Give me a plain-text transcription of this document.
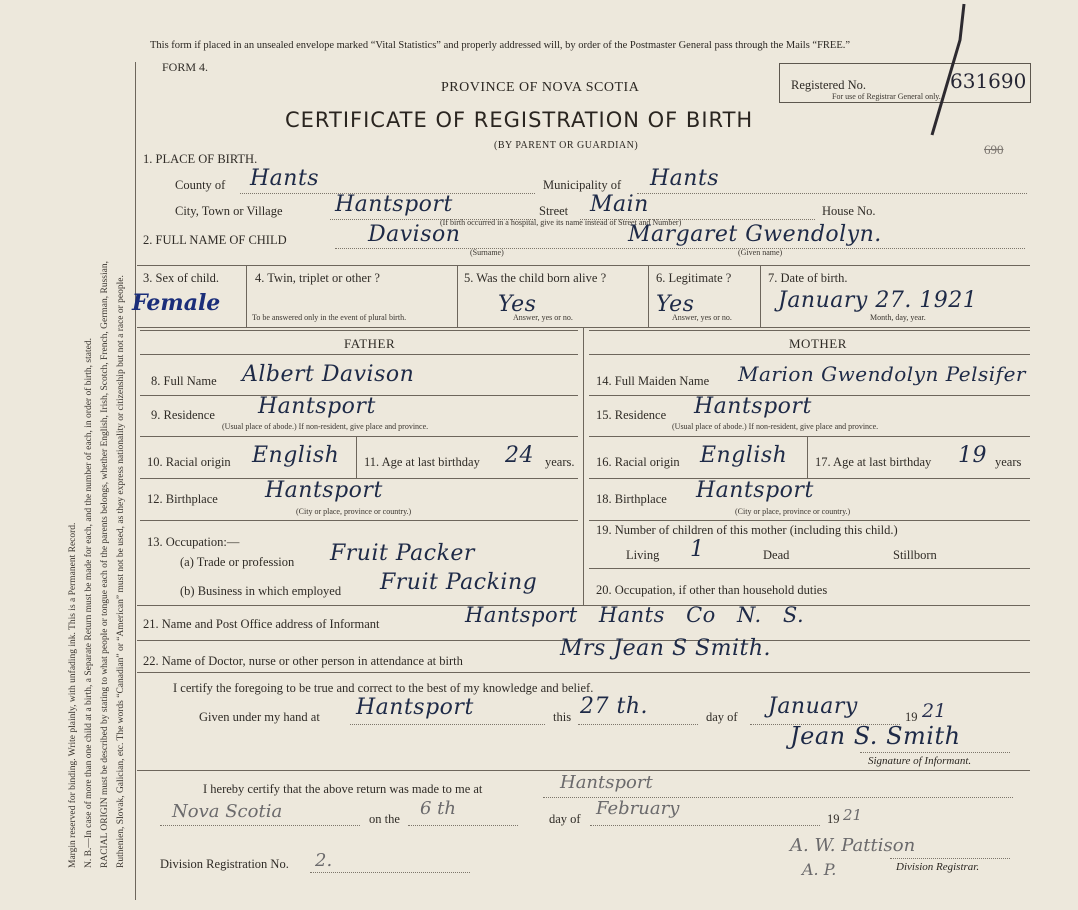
Margin reserved for binding. Write plainly, with unfading ink. This is a Permanent Record. N. B.—In case of more than one child at a birth, a Separate Return must be made for each, and the number of each, in order of birth, stated. RACIAL ORIGIN must be described by stating to what people or tongue each of the parents belongs, whether English, Irish, Scotch, French, German, Russian, Ruthenien, Slovak, Galician, etc. The words “Canadian” or “American” must not be used, as they express nationality or citizenship but not a race or people.
This form if placed in an unsealed envelope marked “Vital Statistics” and properly addressed will, by order of the Postmaster General pass through the Mails “FREE.”
FORM 4.
PROVINCE OF NOVA SCOTIA
CERTIFICATE OF REGISTRATION OF BIRTH
(BY PARENT OR GUARDIAN)
Registered No.	631690
For use of Registrar General only.
690
1. PLACE OF BIRTH.
County of Hants	Municipality of Hants
City, Town or Village Hantsport	Street Main	House No.
(If birth occurred in a hospital, give its name instead of Street and Number)
2. FULL NAME OF CHILD	Davison
(Surname)
Margaret Gwendolyn.
(Given name)
3. Sex of child.
Female
4. Twin, triplet or other ?
To be answered only in the event of plural birth.
5. Was the child born alive ?
Yes
Answer, yes or no.
6. Legitimate ?
Yes
Answer, yes or no.
7. Date of birth.
January 27. 1921
Month, day, year.
FATHER	MOTHER
8. Full Name Albert Davison
9. Residence Hantsport
(Usual place of abode.) If non-resident, give place and province.
10. Racial origin English 11. Age at last birthday 24 years.
12. Birthplace Hantsport
(City or place, province or country.)
13. Occupation:—
(a) Trade or profession Fruit Packer
(b) Business in which employed Fruit Packing
14. Full Maiden Name Marion Gwendolyn Pelsifer
15. Residence Hantsport
(Usual place of abode.) If non-resident, give place and province.
16. Racial origin English 17. Age at last birthday 19 years
18. Birthplace Hantsport
(City or place, province or country.)
19. Number of children of this mother (including this child.)
Living 1	Dead	Stillborn
20. Occupation, if other than household duties
21. Name and Post Office address of Informant	Hantsport Hants Co N. S.
22. Name of Doctor, nurse or other person in attendance at birth	Mrs Jean S Smith.
I certify the foregoing to be true and correct to the best of my knowledge and belief.
Given under my hand at Hantsport	this 27 th.	day of January	19 21
Jean S. Smith
Signature of Informant.
I hereby certify that the above return was made to me at	Hantsport
Nova Scotia	on the 6 th	day of February	19 21
Division Registration No. 2.
A. W. Pattison
A. P.	Division Registrar.
